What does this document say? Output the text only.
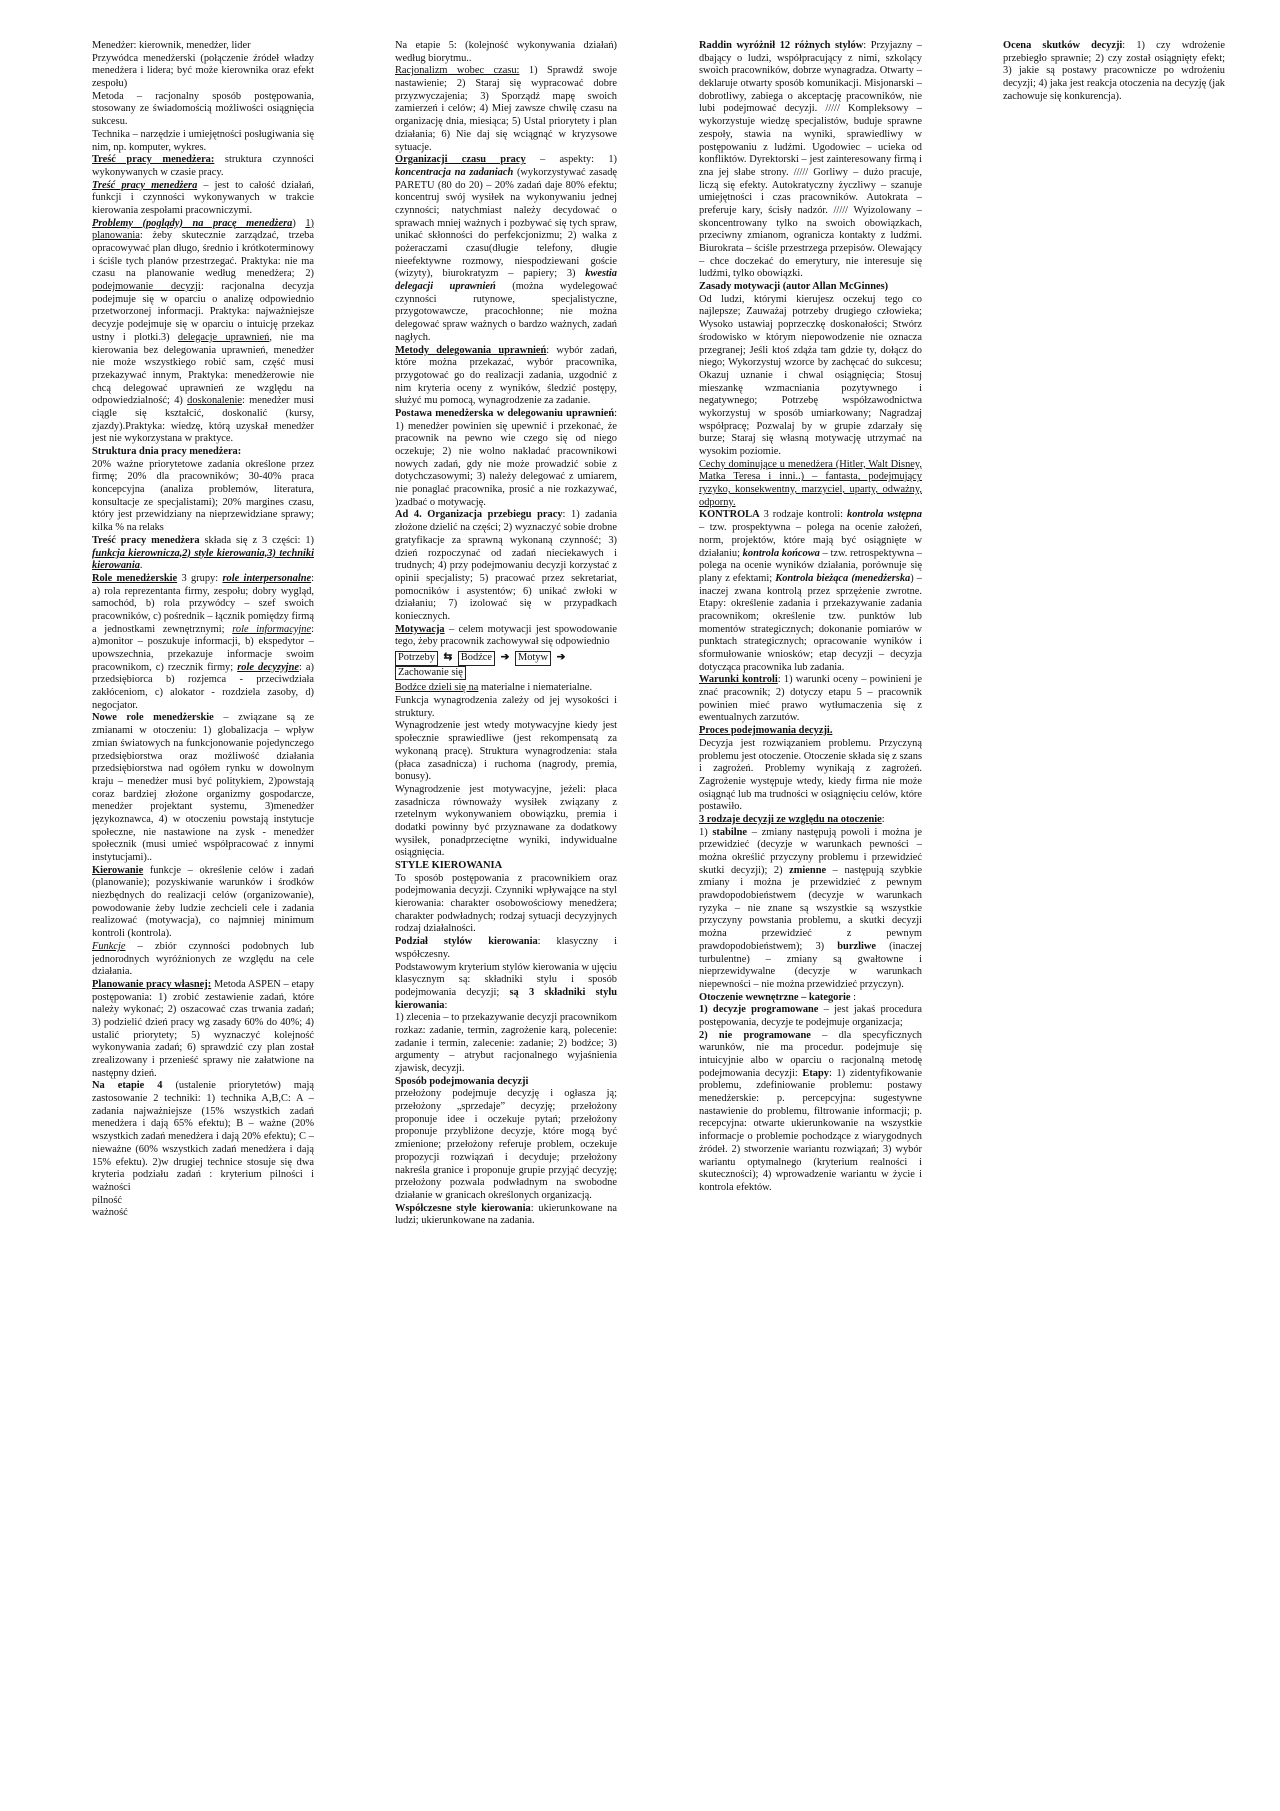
Menedżer: kierownik, menedżer, lider

Przywódca menedżerski (połączenie źródeł władzy menedżera i lidera; być może kierownika oraz efekt zespołu)

Metoda – racjonalny sposób postępowania, stosowany ze świadomością możliwości osiągnięcia sukcesu.

Technika – narzędzie i umiejętności posługiwania się nim, np. komputer, wykres.

Treść pracy menedżera: struktura czynności wykonywanych w czasie pracy.

Treść pracy menedżera – jest to całość działań, funkcji i czynności wykonywanych w trakcie kierowania zespołami pracowniczymi.

Problemy (poglądy) na pracę menedżera) 1) planowania: żeby skutecznie zarządzać, trzeba opracowywać plan długo, średnio i krótkoterminowy i ściśle tych planów przestrzegać. Praktyka: nie ma czasu na planowanie według menedżera; 2) podejmowanie decyzji: racjonalna decyzja podejmuje się w oparciu o analizę odpowiednio przetworzonej informacji. Praktyka: najważniejsze decyzje podejmuje się w oparciu o intuicję przekaz ustny i plotki.3) delegacje uprawnień, nie ma kierowania bez delegowania uprawnień, menedżer nie może wszystkiego robić sam, część musi przekazywać innym, Praktyka: menedżerowie nie chcą delegować uprawnień ze względu na odpowiedzialność; 4) doskonalenie: menedżer musi ciągle się kształcić, doskonalić (kursy, zjazdy).Praktyka: wiedzę, którą uzyskał menedżer jest nie wykorzystana w praktyce.

Struktura dnia pracy menedżera:

20% ważne priorytetowe zadania określone przez firmę; 20% dla pracowników; 30-40% praca koncepcyjna (analiza problemów, literatura, konsultacje ze specjalistami); 20% margines czasu, który jest przewidziany na nieprzewidziane sprawy; kilka % na relaks

Treść pracy menedżera składa się z 3 części: 1) funkcja kierownicza,2) style kierowania,3) techniki kierowania.

Role menedżerskie 3 grupy: role interpersonalne: a) rola reprezentanta firmy, zespołu; dobry wygląd, samochód, b) rola przywódcy – szef swoich pracowników, c) pośrednik – łącznik pomiędzy firmą a jednostkami zewnętrznymi; role informacyjne: a)monitor – poszukuje informacji, b) ekspedytor – upowszechnia, przekazuje informacje swoim pracownikom, c) rzecznik firmy; role decyzyjne: a) przedsiębiorca b) rozjemca - przeciwdziała zakłóceniom, c) alokator - rozdziela zasoby, d) negocjator.

Nowe role menedżerskie – związane są ze zmianami w otoczeniu: 1) globalizacja – wpływ zmian światowych na funkcjonowanie pojedynczego przedsiębiorstwa oraz możliwość działania przedsiębiorstwa nad ogółem rynku w dowolnym kraju – menedżer musi być politykiem, 2)powstają coraz bardziej złożone organizmy gospodarcze, menedżer projektant systemu, 3)menedżer językoznawca, 4) w otoczeniu powstają instytucje społeczne, nie nastawione na zysk - menedżer społecznik (musi umieć współpracować z innymi instytucjami)..

Kierowanie funkcje – określenie celów i zadań (planowanie); pozyskiwanie warunków i środków niezbędnych do realizacji celów (organizowanie), powodowanie żeby ludzie zechcieli cele i zadania realizować (motywacja), co najmniej minimum kontroli (kontrola).

Funkcje – zbiór czynności podobnych lub jednorodnych wyróżnionych ze względu na cele działania.

Planowanie pracy własnej: Metoda ASPEN – etapy postępowania: 1) zrobić zestawienie zadań, które należy wykonać; 2) oszacować czas trwania zadań; 3) podzielić dzień pracy wg zasady 60% do 40%; 4) ustalić priorytety; 5) wyznaczyć kolejność wykonywania zadań; 6) sprawdzić czy plan został zrealizowany i przenieść sprawy nie załatwione na następny dzień.

Na etapie 4 (ustalenie priorytetów) mają zastosowanie 2 techniki: 1) technika A,B,C: A – zadania najważniejsze (15% wszystkich zadań menedżera i dają 65% efektu); B – ważne (20% wszystkich zadań menedżera i dają 20% efektu); C – nieważne (60% wszystkich zadań menedżera i dają 15% efektu). 2)w drugiej technice stosuje się dwa kryteria podziału zadań : kryterium pilności i ważności

pilność

ważność

Na etapie 5: (kolejność wykonywania działań) według biorytmu..

Racjonalizm wobec czasu: 1) Sprawdź swoje nastawienie; 2) Staraj się wypracować dobre przyzwyczajenia; 3) Sporządź mapę swoich zamierzeń i celów; 4) Miej zawsze chwilę czasu na organizację dnia, miesiąca; 5) Ustal priorytety i plan działania; 6) Nie daj się wciągnąć w kryzysowe sytuacje.

Organizacji czasu pracy – aspekty: 1) koncentracja na zadaniach (wykorzystywać zasadę PARETU (80 do 20) – 20% zadań daje 80% efektu; koncentruj swój wysiłek na wykonywaniu jednej czynności; natychmiast należy decydować o sprawach mniej ważnych i pozbywać się tych spraw, unikać skłonności do perfekcjonizmu; 2) walka z pożeraczami czasu(długie telefony, długie nieefektywne rozmowy, niespodziewani goście (wizyty), biurokratyzm – papiery; 3) kwestia delegacji uprawnień (można wydelegować czynności rutynowe, specjalistyczne, przygotowawcze, pracochłonne; nie można delegować spraw ważnych o bardzo ważnych, zadań nagłych.

Metody delegowania uprawnień: wybór zadań, które można przekazać, wybór pracownika, przygotować go do realizacji zadania, uzgodnić z nim kryteria oceny z wyników, śledzić postępy, służyć mu pomocą, wynagrodzenie za zadanie.

Postawa menedżerska w delegowaniu uprawnień: 1) menedżer powinien się upewnić i przekonać, że pracownik na pewno wie czego się od niego oczekuje; 2) nie wolno nakładać pracownikowi nowych zadań, gdy nie może prowadzić sobie z dotychczasowymi; 3) należy delegować z umiarem, nie ponaglać pracownika, prosić a nie rozkazywać, )zadbać o motywację.

Ad 4. Organizacja przebiegu pracy: 1) zadania złożone dzielić na części; 2) wyznaczyć sobie drobne gratyfikacje za sprawną wykonaną czynność; 3) dzień rozpoczynać od zadań nieciekawych i trudnych; 4) przy podejmowaniu decyzji korzystać z opinii specjalisty; 5) pracować przez sekretariat, pomocników i asystentów; 6) unikać zwłoki w działaniu; 7) izolować się w przypadkach koniecznych.

Motywacja – celem motywacji jest spowodowanie tego, żeby pracownik zachowywał się odpowiednio

Potrzeby ⇆ Bodźce ➔ Motyw ➔
Zachowanie się

Bodźce dzieli się na materialne i niematerialne.

Funkcja wynagrodzenia zależy od jej wysokości i struktury.

Wynagrodzenie jest wtedy motywacyjne kiedy jest społecznie sprawiedliwe (jest rekompensatą za wykonaną pracę). Struktura wynagrodzenia: stała (płaca zasadnicza) i ruchoma (nagrody, premia, bonusy).

Wynagrodzenie jest motywacyjne, jeżeli: płaca zasadnicza równoważy wysiłek związany z rzetelnym wykonywaniem obowiązku, premia i dodatki powinny być przyznawane za dodatkowy wysiłek, ponadprzeciętne wyniki, indywidualne osiągnięcia.

STYLE KIEROWANIA

To sposób postępowania z pracownikiem oraz podejmowania decyzji. Czynniki wpływające na styl kierowania: charakter osobowościowy menedżera; charakter podwładnych; rodzaj sytuacji decyzyjnych rodzaj działalności.

Podział stylów kierowania: klasyczny i współczesny.

Podstawowym kryterium stylów kierowania w ujęciu klasycznym są: składniki stylu i sposób podejmowania decyzji; są 3 składniki stylu kierowania:

1) zlecenia – to przekazywanie decyzji pracownikom rozkaz: zadanie, termin, zagrożenie karą, polecenie: zadanie i termin, zalecenie: zadanie; 2) bodźce; 3) argumenty – atrybut racjonalnego wyjaśnienia zjawisk, decyzji.

Sposób podejmowania decyzji

przełożony podejmuje decyzję i ogłasza ją; przełożony „sprzedaje” decyzję; przełożony proponuje idee i oczekuje pytań; przełożony proponuje przybliżone decyzje, które mogą być zmienione; przełożony referuje problem, oczekuje propozycji rozwiązań i decyduje; przełożony nakreśla granice i proponuje grupie przyjąć decyzję; przełożony pozwala podwładnym na swobodne działanie w granicach określonych organizacją.

Współczesne style kierowania: ukierunkowane na ludzi; ukierunkowane na zadania.

Raddin wyróżnił 12 różnych stylów: Przyjazny – dbający o ludzi, współpracujący z nimi, szkolący swoich pracowników, dobrze wynagradza. Otwarty – deklaruje otwarty sposób komunikacji. Misjonarski – dobrotliwy, zabiega o akceptację pracowników, nie lubi podejmować decyzji. ///// Kompleksowy – wykorzystuje wiedzę specjalistów, buduje sprawne zespoły, stawia na wyniki, sprawiedliwy w postępowaniu z ludźmi. Ugodowiec – ucieka od konfliktów. Dyrektorski – jest zainteresowany firmą i zna jej słabe strony. ///// Gorliwy – dużo pracuje, liczą się efekty. Autokratyczny życzliwy – szanuje umiejętności i czas pracowników. Autokrata – preferuje kary, ścisły nadzór. ///// Wyizolowany – skoncentrowany tylko na swoich obowiązkach, przeciwny zmianom, ogranicza kontakty z ludźmi. Biurokrata – ściśle przestrzega przepisów. Olewający – chce doczekać do emerytury, nie interesuje się ludźmi, tylko obowiązki.

Zasady motywacji (autor Allan McGinnes)

Od ludzi, którymi kierujesz oczekuj tego co najlepsze; Zauważaj potrzeby drugiego człowieka; Wysoko ustawiaj poprzeczkę doskonałości; Stwórz środowisko w którym niepowodzenie nie oznacza przegranej; Jeśli ktoś zdąża tam gdzie ty, dołącz do niego; Wykorzystuj wzorce by zachęcać do sukcesu; Okazuj uznanie i chwal osiągnięcia; Stosuj mieszankę wzmacniania pozytywnego i negatywnego; Potrzebę współzawodnictwa wykorzystuj w sposób umiarkowany; Nagradzaj współpracę; Pozwalaj by w grupie zdarzały się burze; Staraj się własną motywację utrzymać na wysokim poziomie.

Cechy dominujące u menedżera (Hitler, Walt Disney, Matka Teresa i inni..) – fantasta, podejmujący ryzyko, konsekwentny, marzyciel, uparty, odważny, odporny.

KONTROLA 3 rodzaje kontroli: kontrola wstępna – tzw. prospektywna – polega na ocenie założeń, norm, projektów, które mają być osiągnięte w działaniu; kontrola końcowa – tzw. retrospektywna – polega na ocenie wyników działania, porównuje się plany z efektami; Kontrola bieżąca (menedżerska) – inaczej zwana kontrolą przez sprzężenie zwrotne. Etapy: określenie zadania i przekazywanie zadania pracownikom; określenie tzw. punktów lub momentów strategicznych; dokonanie pomiarów w punktach strategicznych; opracowanie wyników i sformułowanie wniosków; etap decyzji – decyzja dotycząca pracownika lub zadania.

Warunki kontroli: 1) warunki oceny – powinieni je znać pracownik; 2) dotyczy etapu 5 – pracownik powinien mieć prawo wytłumaczenia się z ewentualnych zarzutów.

Proces podejmowania decyzji.

Decyzja jest rozwiązaniem problemu. Przyczyną problemu jest otoczenie. Otoczenie składa się z szans i zagrożeń. Problemy wynikają z zagrożeń. Zagrożenie występuje wtedy, kiedy firma nie może osiągnąć lub ma trudności w osiągnięciu celów, które postawiło.

3 rodzaje decyzji ze względu na otoczenie:

1) stabilne – zmiany następują powoli i można je przewidzieć (decyzje w warunkach pewności – można określić przyczyny problemu i przewidzieć skutki decyzji); 2) zmienne – następują szybkie zmiany i można je przewidzieć z pewnym prawdopodobieństwem (decyzje w warunkach ryzyka – nie znane są wszystkie są wszystkie przyczyny powstania problemu, a skutki decyzji można przewidzieć z pewnym prawdopodobieństwem); 3) burzliwe (inaczej turbulentne) – zmiany są gwałtowne i nieprzewidywalne (decyzje w warunkach niepewności – nie można przewidzieć przyczyn).

Otoczenie wewnętrzne – kategorie :

1) decyzje programowane – jest jakaś procedura postępowania, decyzje te podejmuje organizacja;

2) nie programowane – dla specyficznych warunków, nie ma procedur. podejmuje się intuicyjnie albo w oparciu o racjonalną metodę podejmowania decyzji: Etapy: 1) zidentyfikowanie problemu, zdefiniowanie problemu: postawy menedżerskie: p. percepcyjna: sugestywne nastawienie do problemu, filtrowanie informacji; p. recepcyjna: otwarte ukierunkowanie na wszystkie informacje o problemie pochodzące z wiarygodnych źródeł. 2) stworzenie wariantu rozwiązań; 3) wybór wariantu optymalnego (kryterium realności i skuteczności); 4) wprowadzenie wariantu w życie i kontrola efektów.

Ocena skutków decyzji: 1) czy wdrożenie przebiegło sprawnie; 2) czy został osiągnięty efekt; 3) jakie są postawy pracownicze po wdrożeniu decyzji; 4) jaka jest reakcja otoczenia na decyzję (jak zachowuje się konkurencja).
